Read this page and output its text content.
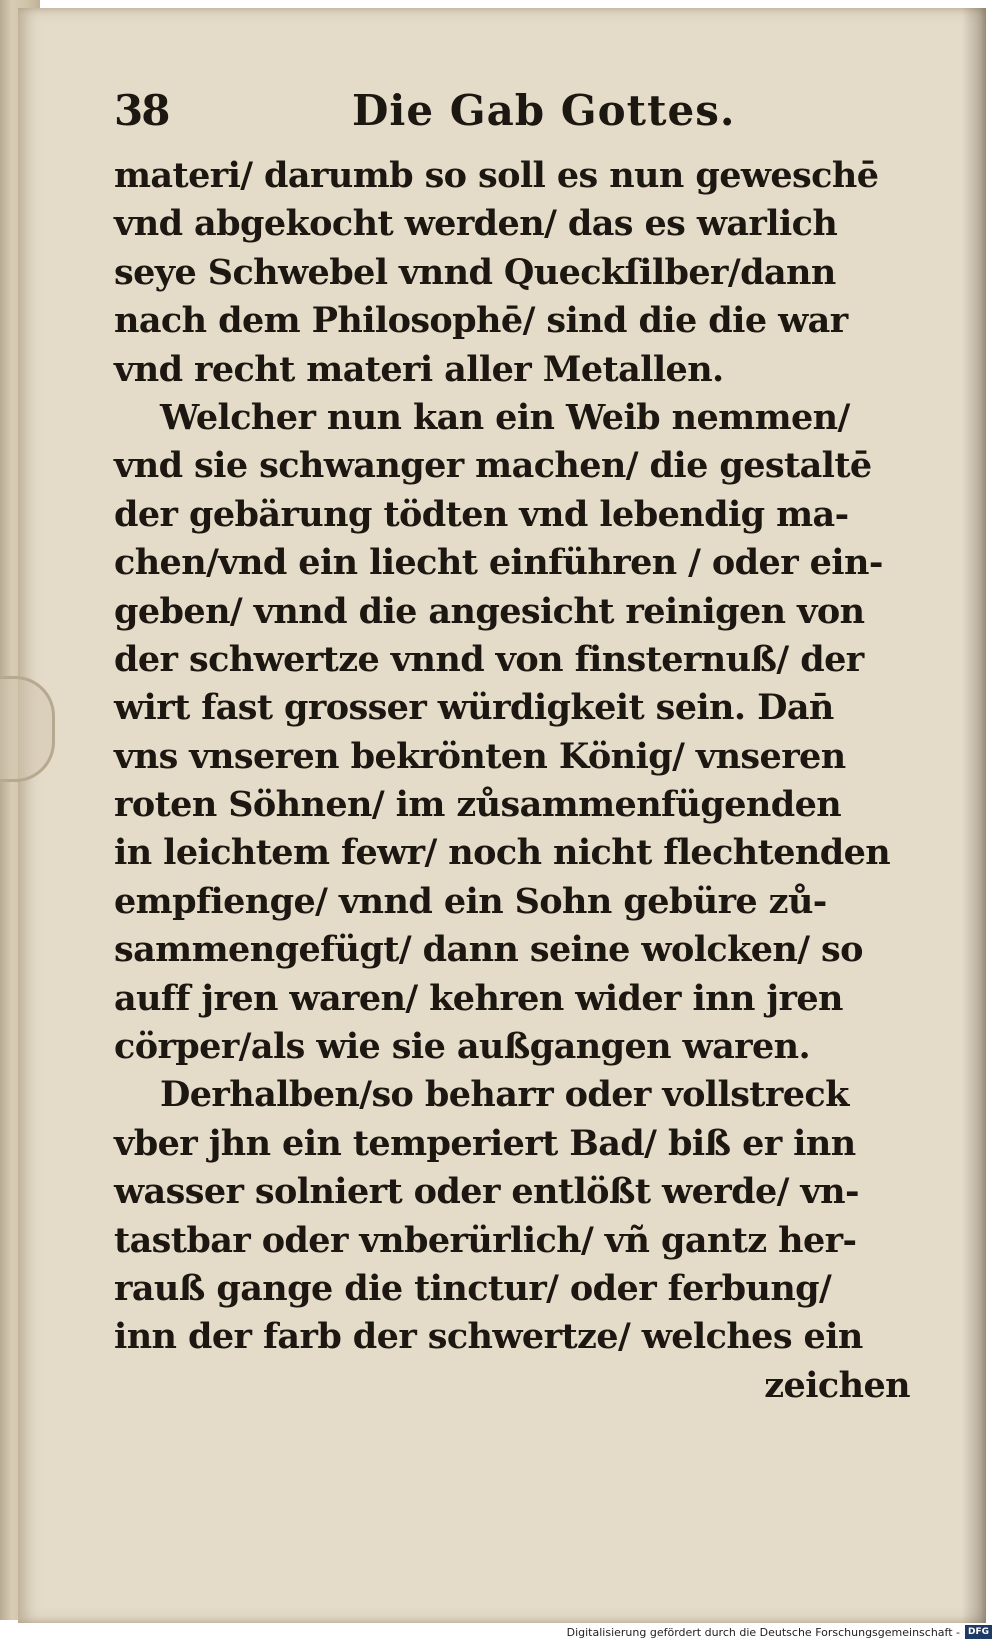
38	Die Gab Gottes.
materi/ darumb so soll es nun geweschē
vnd abgekocht werden/ das es warlich
seye Schwebel vnnd Queckſilber/dann
nach dem Philosophē/ sind die die war
vnd recht materi aller Metallen.
Welcher nun kan ein Weib nemmen/
vnd sie schwanger machen/ die gestaltē
der gebärung tödten vnd lebendig ma-
chen/vnd ein liecht einführen / oder ein-
geben/ vnnd die angesicht reinigen von
der schwertze vnnd von finsternuß/ der
wirt fast grosser würdigkeit sein. Dan̄
vns vnseren bekrönten König/ vnseren
roten Söhnen/ im zůsammenfügenden
in leichtem fewr/ noch nicht flechtenden
empfienge/ vnnd ein Sohn gebüre zů-
sammengefügt/ dann seine wolcken/ so
auff jren waren/ kehren wider inn jren
cörper/als wie sie außgangen waren.
Derhalben/so beharr oder vollstreck
vber jhn ein temperiert Bad/ biß er inn
wasser solniert oder entlößt werde/ vn-
tastbar oder vnberürlich/ vñ gantz her-
rauß gange die tinctur/ oder ferbung/
inn der farb der schwertze/ welches ein
zeichen
Digitalisierung gefördert durch die Deutsche Forschungsgemeinschaft - DFG
